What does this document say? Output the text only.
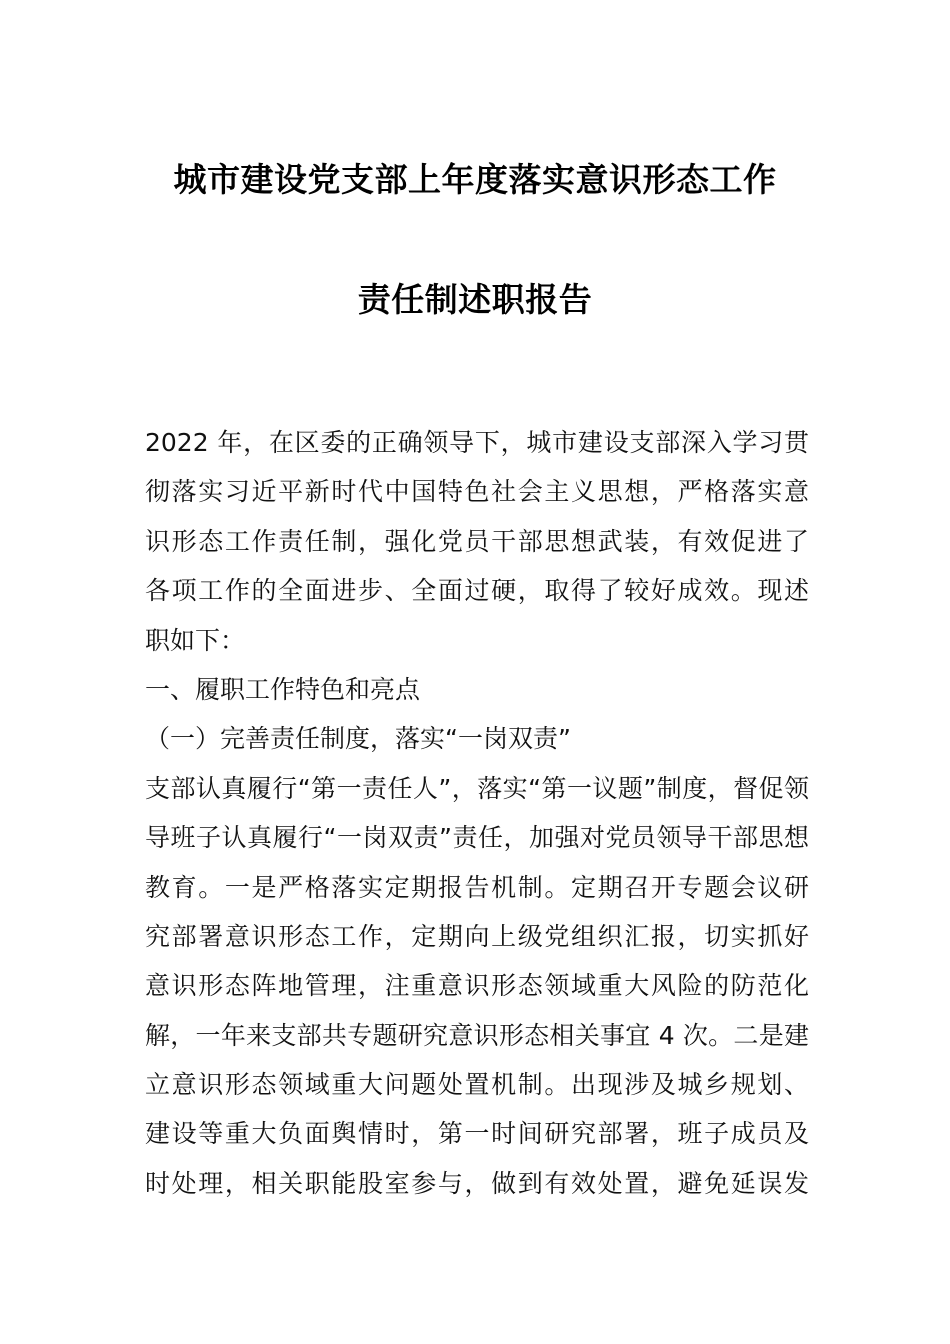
城市建设党支部上年度落实意识形态工作
责任制述职报告
2022 年，在区委的正确领导下，城市建设支部深入学习贯
彻落实习近平新时代中国特色社会主义思想，严格落实意
识形态工作责任制，强化党员干部思想武装，有效促进了
各项工作的全面进步、全面过硬，取得了较好成效。现述
职如下：
一、履职工作特色和亮点
（一）完善责任制度，落实“一岗双责”
支部认真履行“第一责任人”，落实“第一议题”制度，督促领
导班子认真履行“一岗双责”责任，加强对党员领导干部思想
教育。一是严格落实定期报告机制。定期召开专题会议研
究部署意识形态工作，定期向上级党组织汇报，切实抓好
意识形态阵地管理，注重意识形态领域重大风险的防范化
解，一年来支部共专题研究意识形态相关事宜 4 次。二是建
立意识形态领域重大问题处置机制。出现涉及城乡规划、
建设等重大负面舆情时，第一时间研究部署，班子成员及
时处理，相关职能股室参与，做到有效处置，避免延误发
